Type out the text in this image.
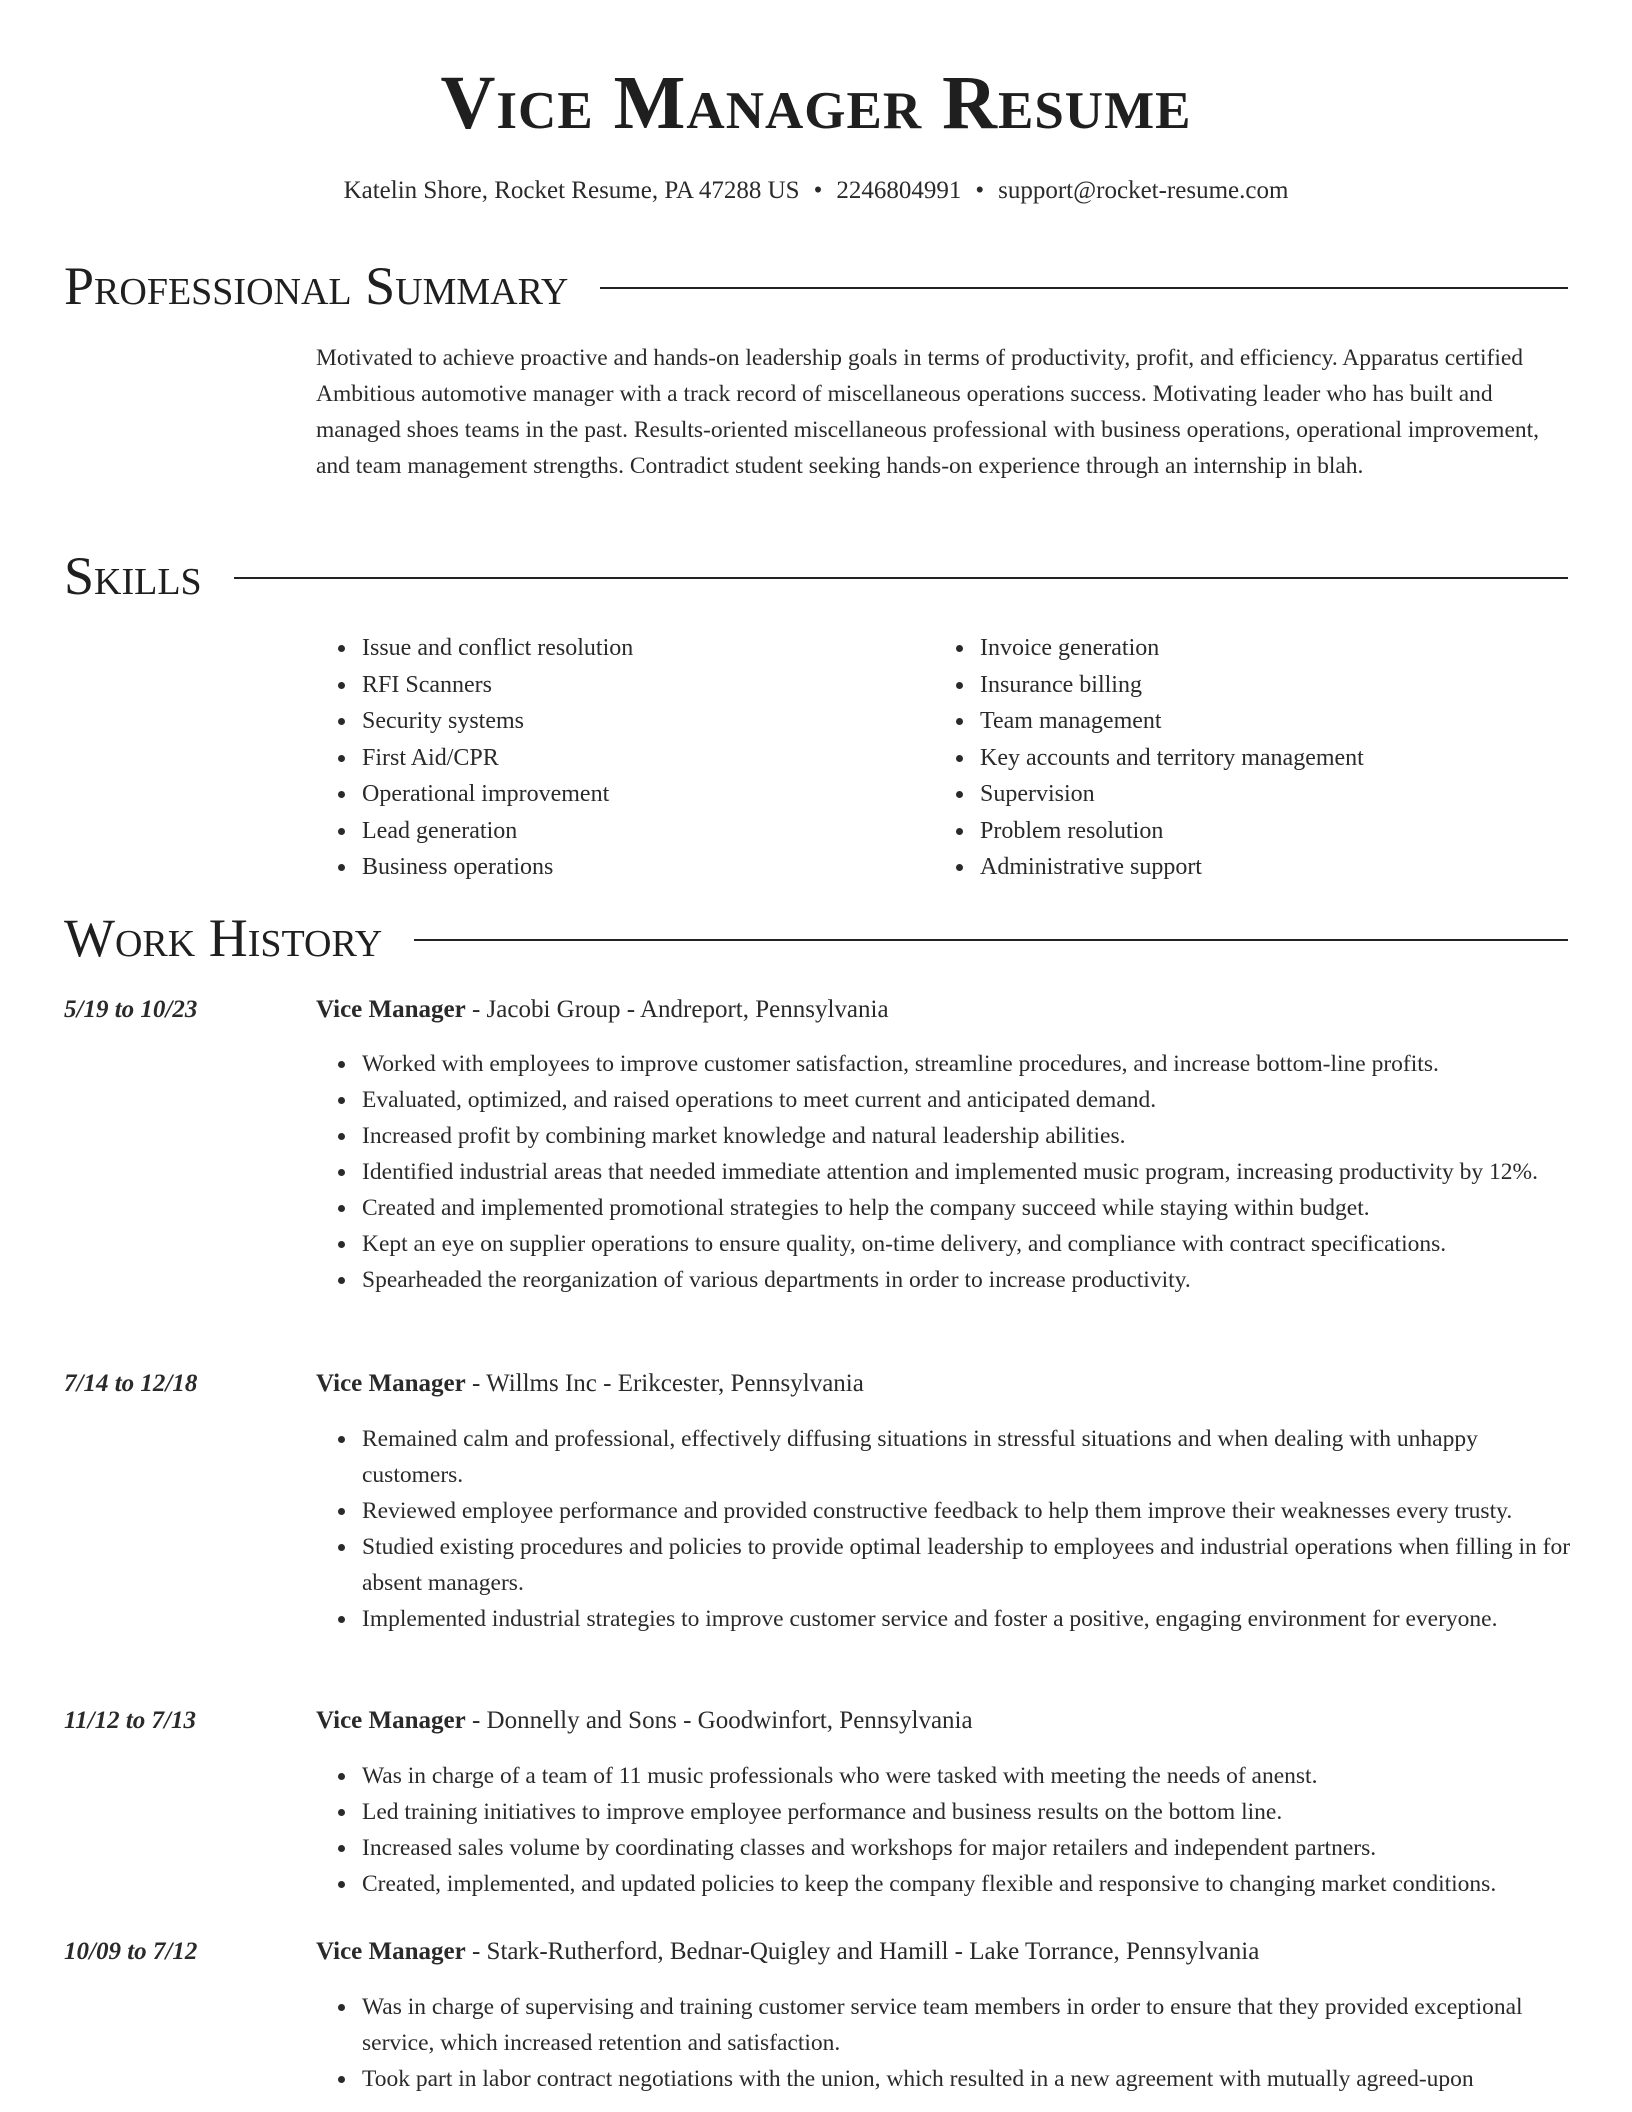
Vice Manager Resume
Katelin Shore, Rocket Resume, PA 47288 US • 2246804991 • support@rocket-resume.com
Professional Summary

Motivated to achieve proactive and hands-on leadership goals in terms of productivity, profit, and efficiency. Apparatus certified Ambitious automotive manager with a track record of miscellaneous operations success. Motivating leader who has built and managed shoes teams in the past. Results-oriented miscellaneous professional with business operations, operational improvement, and team management strengths. Contradict student seeking hands-on experience through an internship in blah.

Skills
• Issue and conflict resolution
• RFI Scanners
• Security systems
• First Aid/CPR
• Operational improvement
• Lead generation
• Business operations
• Invoice generation
• Insurance billing
• Team management
• Key accounts and territory management
• Supervision
• Problem resolution
• Administrative support
Work History
5/19 to 10/23	Vice Manager - Jacobi Group - Andreport, Pennsylvania
• Worked with employees to improve customer satisfaction, streamline procedures, and increase bottom-line profits.
• Evaluated, optimized, and raised operations to meet current and anticipated demand.
• Increased profit by combining market knowledge and natural leadership abilities.
• Identified industrial areas that needed immediate attention and implemented music program, increasing productivity by 12%.
• Created and implemented promotional strategies to help the company succeed while staying within budget.
• Kept an eye on supplier operations to ensure quality, on-time delivery, and compliance with contract specifications.
• Spearheaded the reorganization of various departments in order to increase productivity.
7/14 to 12/18	Vice Manager - Willms Inc - Erikcester, Pennsylvania
• Remained calm and professional, effectively diffusing situations in stressful situations and when dealing with unhappy customers.
• Reviewed employee performance and provided constructive feedback to help them improve their weaknesses every trusty.
• Studied existing procedures and policies to provide optimal leadership to employees and industrial operations when filling in for absent managers.
• Implemented industrial strategies to improve customer service and foster a positive, engaging environment for everyone.
11/12 to 7/13	Vice Manager - Donnelly and Sons - Goodwinfort, Pennsylvania
• Was in charge of a team of 11 music professionals who were tasked with meeting the needs of anenst.
• Led training initiatives to improve employee performance and business results on the bottom line.
• Increased sales volume by coordinating classes and workshops for major retailers and independent partners.
• Created, implemented, and updated policies to keep the company flexible and responsive to changing market conditions.
10/09 to 7/12	Vice Manager - Stark-Rutherford, Bednar-Quigley and Hamill - Lake Torrance, Pennsylvania
• Was in charge of supervising and training customer service team members in order to ensure that they provided exceptional service, which increased retention and satisfaction.
• Took part in labor contract negotiations with the union, which resulted in a new agreement with mutually agreed-upon
